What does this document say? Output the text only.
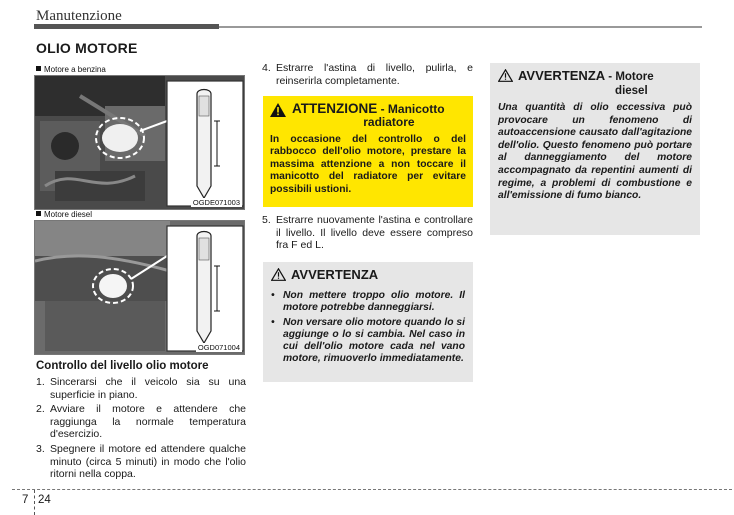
Manutenzione
OLIO MOTORE
Motore a benzina
OGDE071003
Motore diesel
OGD071004
Controllo del livello olio motore
1. Sincerarsi che il veicolo sia su una superficie in piano.
2. Avviare il motore e attendere che raggiunga la normale temperatura d'esercizio.
3. Spegnere il motore ed attendere qualche minuto (circa 5 minuti) in modo che l'olio ritorni nella coppa.
4. Estrarre l'astina di livello, pulirla, e reinserirla completamente.
ATTENZIONE - Manicotto
radiatore
In occasione del controllo o del rabbocco dell'olio motore, prestare la massima attenzione a non toccare il manicotto del radiatore per evitare possibili ustioni.
5. Estrarre nuovamente l'astina e controllare il livello. Il livello deve essere compreso fra F ed L.
AVVERTENZA
• Non mettere troppo olio motore. Il motore potrebbe danneggiarsi.
• Non versare olio motore quando lo si aggiunge o lo si cambia. Nel caso in cui dell'olio motore cada nel vano motore, rimuoverlo immediatamente.
AVVERTENZA - Motore
diesel
Una quantità di olio eccessiva può provocare un fenomeno di autoaccensione causato dall'agitazione dell'olio. Questo fenomeno può portare al danneggiamento del motore accompagnato da repentini aumenti di regime, a problemi di combustione e all'emissione di fumo bianco.
7 24
